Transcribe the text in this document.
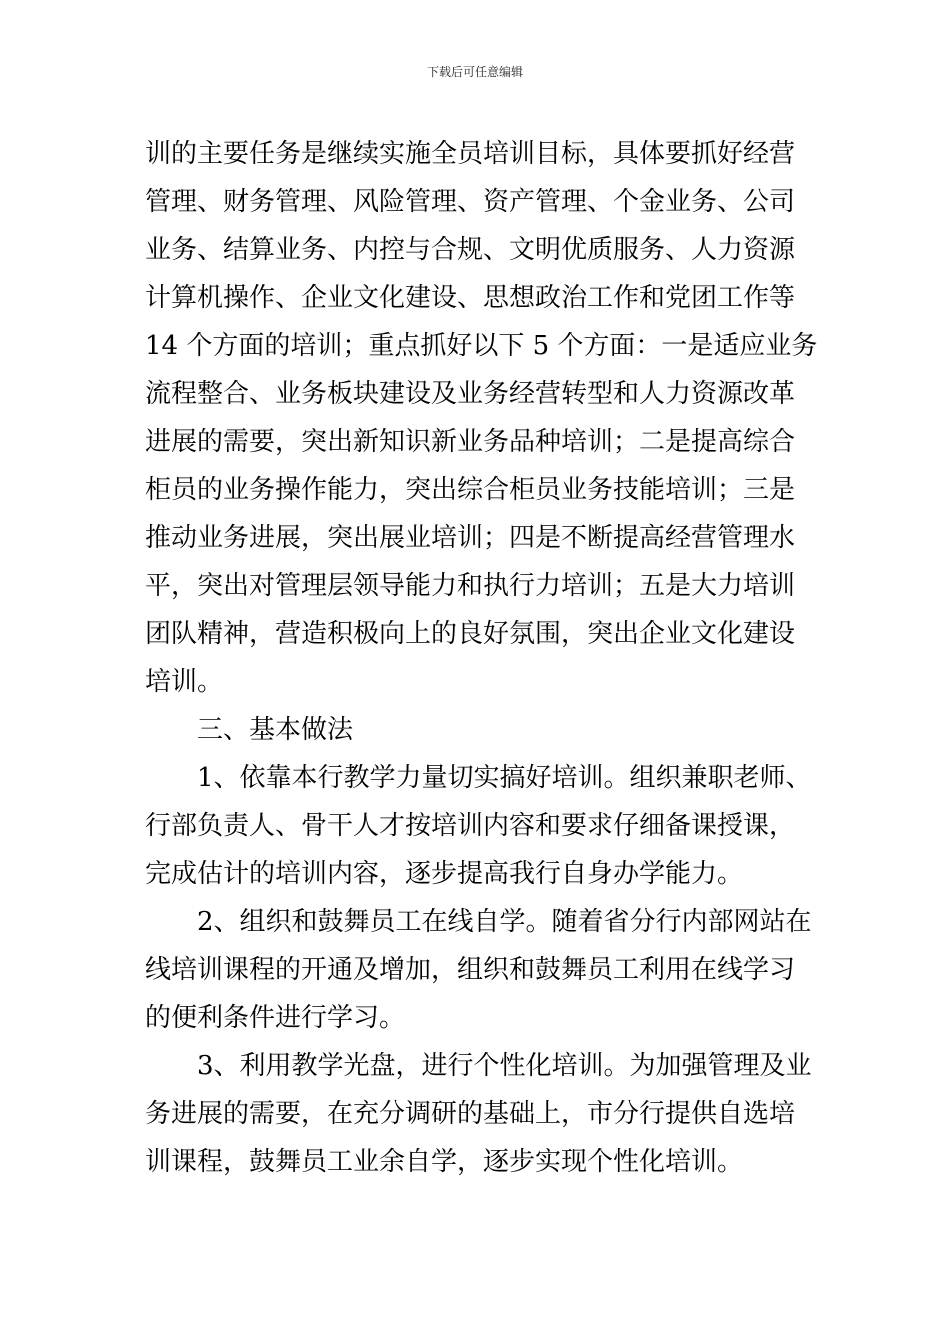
下载后可任意编辑

训的主要任务是继续实施全员培训目标，具体要抓好经营
管理、财务管理、风险管理、资产管理、个金业务、公司
业务、结算业务、内控与合规、文明优质服务、人力资源
计算机操作、企业文化建设、思想政治工作和党团工作等
14 个方面的培训；重点抓好以下 5 个方面：一是适应业务
流程整合、业务板块建设及业务经营转型和人力资源改革
进展的需要，突出新知识新业务品种培训；二是提高综合
柜员的业务操作能力，突出综合柜员业务技能培训；三是
推动业务进展，突出展业培训；四是不断提高经营管理水
平，突出对管理层领导能力和执行力培训；五是大力培训
团队精神，营造积极向上的良好氛围，突出企业文化建设
培训。

三、基本做法

1、依靠本行教学力量切实搞好培训。组织兼职老师、
行部负责人、骨干人才按培训内容和要求仔细备课授课，
完成估计的培训内容，逐步提高我行自身办学能力。

2、组织和鼓舞员工在线自学。随着省分行内部网站在
线培训课程的开通及增加，组织和鼓舞员工利用在线学习
的便利条件进行学习。

3、利用教学光盘，进行个性化培训。为加强管理及业
务进展的需要，在充分调研的基础上，市分行提供自选培
训课程，鼓舞员工业余自学，逐步实现个性化培训。
